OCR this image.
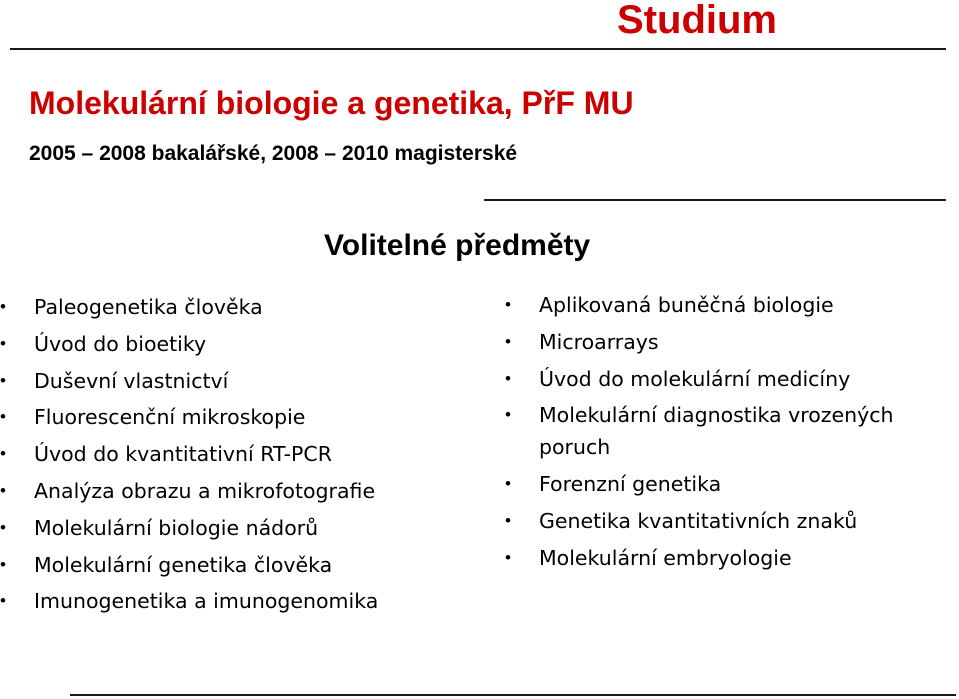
Studium
Molekulární biologie a genetika, PřF MU

2005 – 2008 bakalářské, 2008 – 2010 magisterské

Volitelné předměty
• Paleogenetika člověka
• Úvod do bioetiky
• Duševní vlastnictví
• Fluorescenční mikroskopie
• Úvod do kvantitativní RT-PCR
• Analýza obrazu a mikrofotografie
• Molekulární biologie nádorů
• Molekulární genetika člověka
• Imunogenetika a imunogenomika
• Aplikovaná buněčná biologie
• Microarrays
• Úvod do molekulární medicíny
• Molekulární diagnostika vrozených poruch
• Forenzní genetika
• Genetika kvantitativních znaků
• Molekulární embryologie
